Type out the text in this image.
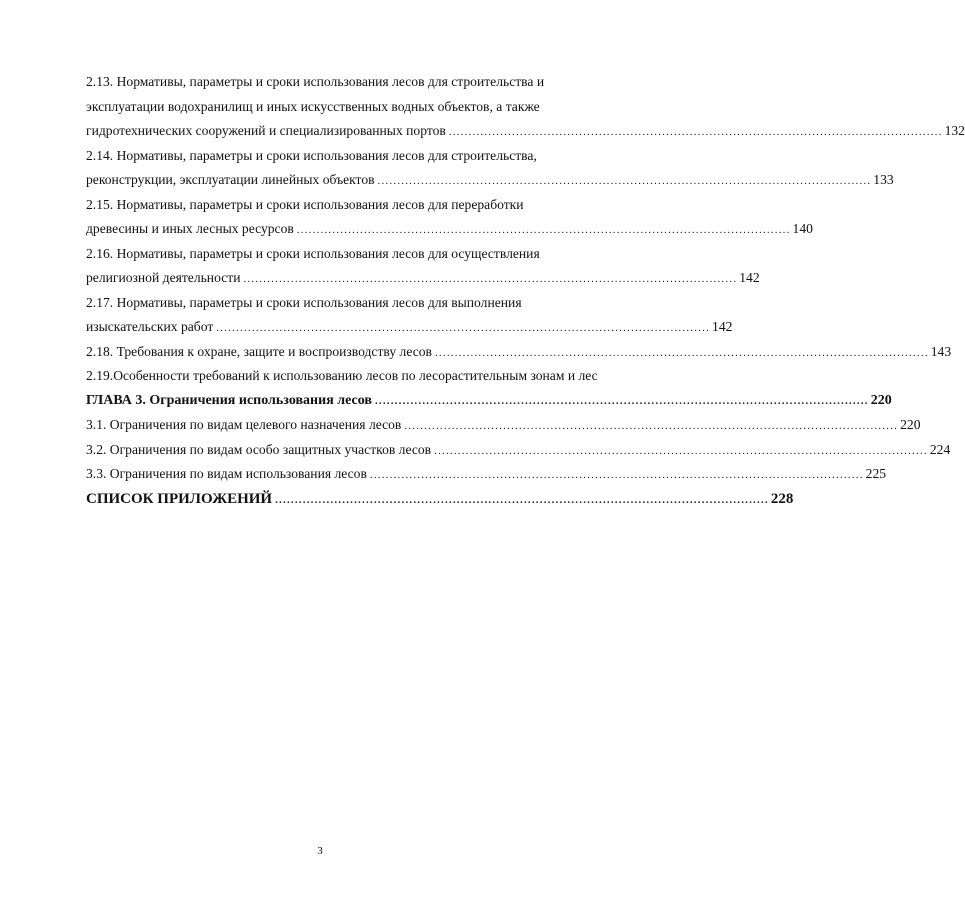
2.13. Нормативы, параметры и сроки использования лесов для строительства и
эксплуатации водохранилищ и иных искусственных водных объектов, а также
гидротехнических сооружений и специализированных портов ............................................................................................................................. 132
2.14. Нормативы, параметры и сроки использования лесов для строительства,
реконструкции, эксплуатации линейных объектов ............................................................................................................................. 133
2.15. Нормативы, параметры и сроки использования лесов для переработки
древесины и иных лесных ресурсов ............................................................................................................................. 140
2.16. Нормативы, параметры и сроки использования лесов для осуществления
религиозной деятельности ............................................................................................................................. 142
2.17. Нормативы, параметры и сроки использования лесов для выполнения
изыскательских работ ............................................................................................................................. 142
2.18. Требования к охране, защите и воспроизводству лесов ............................................................................................................................. 143
2.19.Особенности требований к использованию лесов по лесорастительным зонам и лес
ГЛАВА 3. Ограничения использования лесов ............................................................................................................................. 220
3.1. Ограничения по видам целевого назначения лесов ............................................................................................................................. 220
3.2. Ограничения по видам особо защитных участков лесов ............................................................................................................................. 224
3.3. Ограничения по видам использования лесов ............................................................................................................................. 225
СПИСОК ПРИЛОЖЕНИЙ ............................................................................................................................. 228
3
